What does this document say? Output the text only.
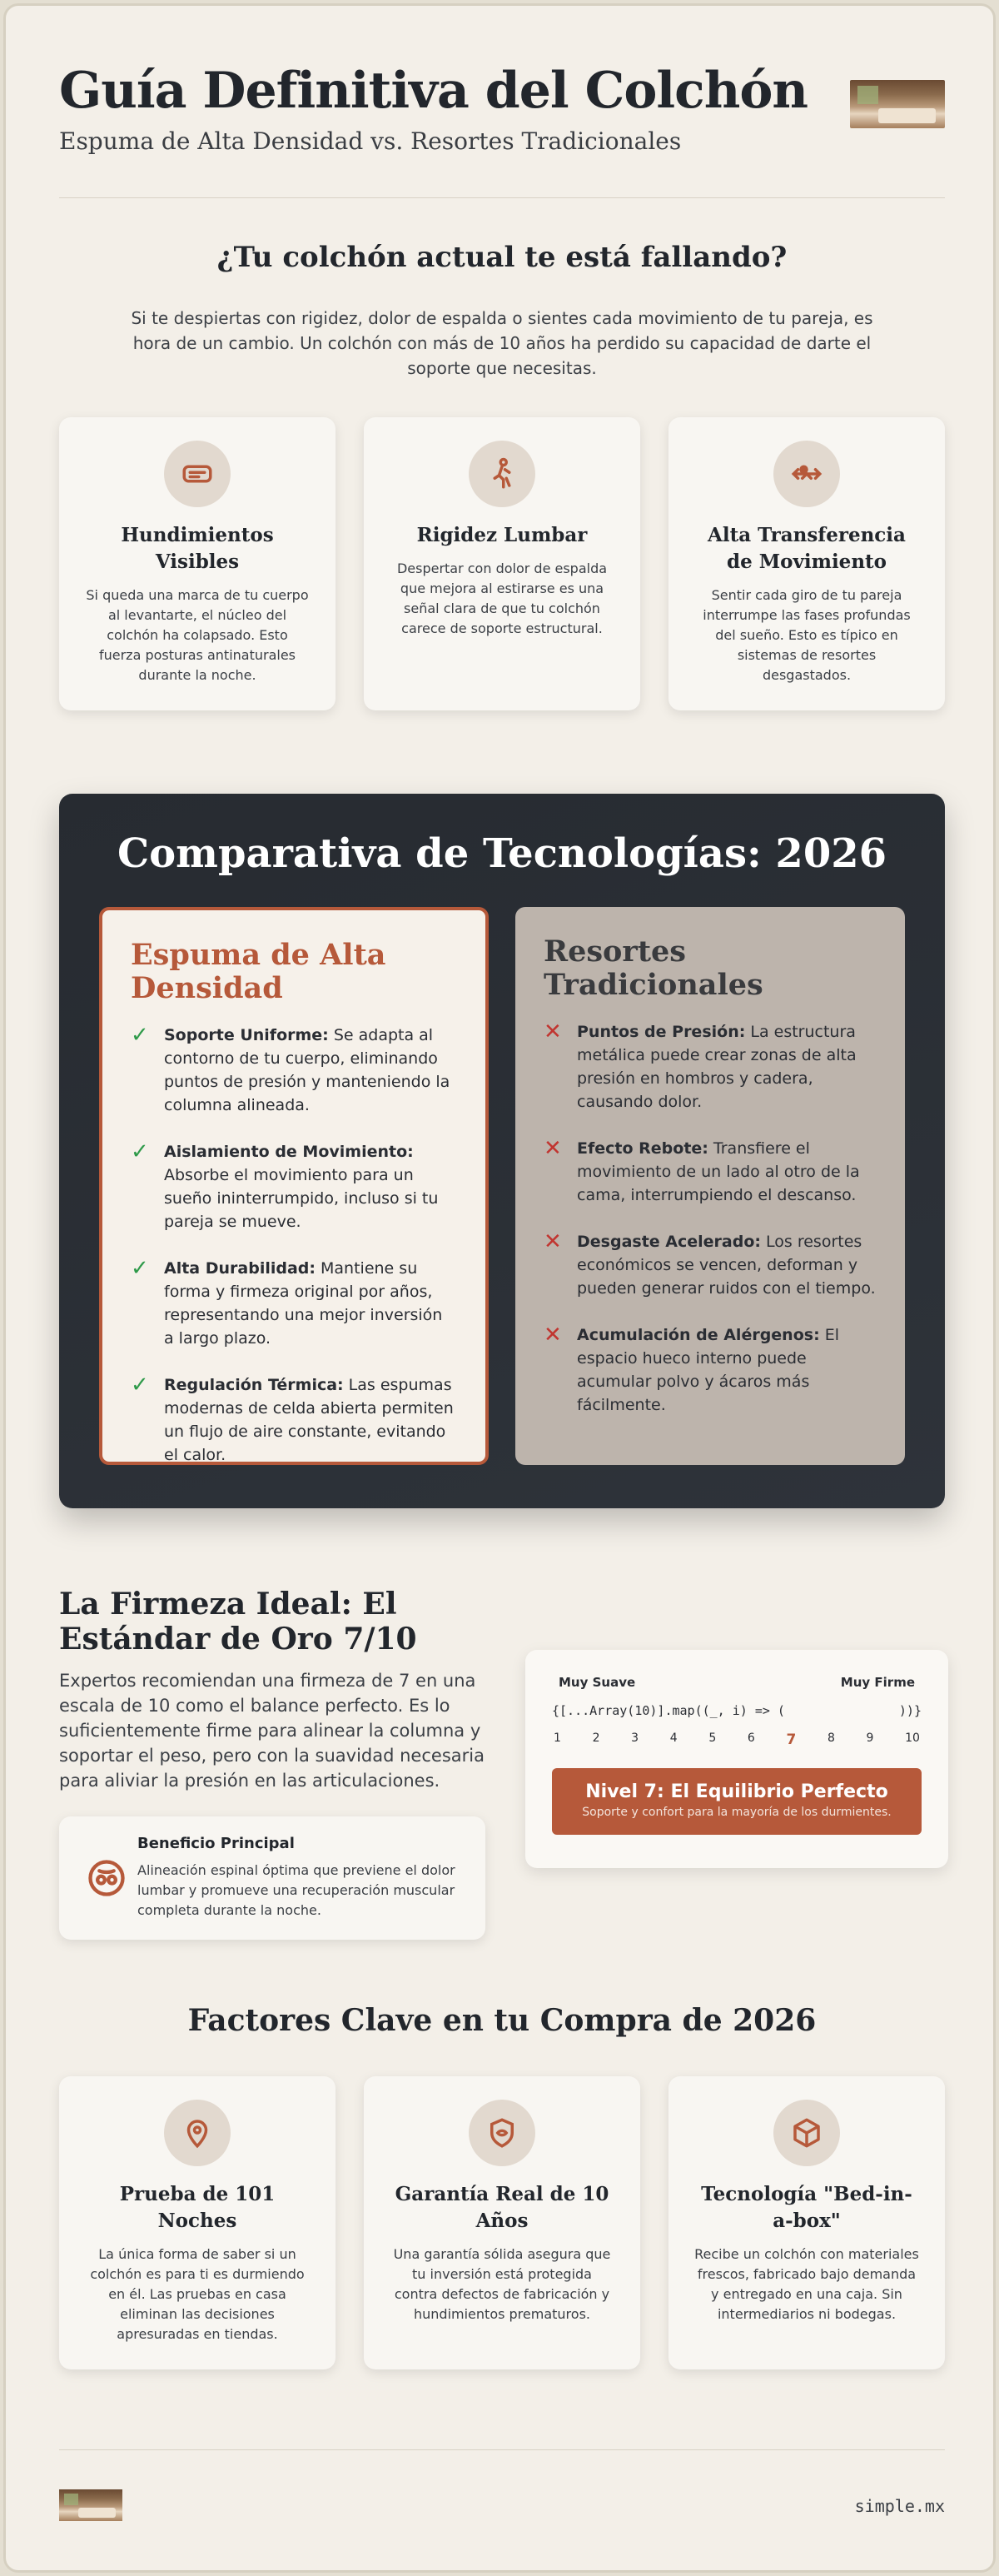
Guía Definitiva del Colchón
Espuma de Alta Densidad vs. Resortes Tradicionales
¿Tu colchón actual te está fallando?

Si te despiertas con rigidez, dolor de espalda o sientes cada movimiento de tu pareja, es hora de un cambio. Un colchón con más de 10 años ha perdido su capacidad de darte el soporte que necesitas.

Hundimientos Visibles

Si queda una marca de tu cuerpo al levantarte, el núcleo del colchón ha colapsado. Esto fuerza posturas antinaturales durante la noche.

Rigidez Lumbar

Despertar con dolor de espalda que mejora al estirarse es una señal clara de que tu colchón carece de soporte estructural.

Alta Transferencia de Movimiento

Sentir cada giro de tu pareja interrumpe las fases profundas del sueño. Esto es típico en sistemas de resortes desgastados.

Comparativa de Tecnologías: 2026
Espuma de Alta Densidad
✓ Soporte Uniforme: Se adapta al contorno de tu cuerpo, eliminando puntos de presión y manteniendo la columna alineada.
✓ Aislamiento de Movimiento: Absorbe el movimiento para un sueño ininterrumpido, incluso si tu pareja se mueve.
✓ Alta Durabilidad: Mantiene su forma y firmeza original por años, representando una mejor inversión a largo plazo.
✓ Regulación Térmica: Las espumas modernas de celda abierta permiten un flujo de aire constante, evitando el calor.
Resortes Tradicionales
✕ Puntos de Presión: La estructura metálica puede crear zonas de alta presión en hombros y cadera, causando dolor.
✕ Efecto Rebote: Transfiere el movimiento de un lado al otro de la cama, interrumpiendo el descanso.
✕ Desgaste Acelerado: Los resortes económicos se vencen, deforman y pueden generar ruidos con el tiempo.
✕ Acumulación de Alérgenos: El espacio hueco interno puede acumular polvo y ácaros más fácilmente.
La Firmeza Ideal: El Estándar de Oro 7/10

Expertos recomiendan una firmeza de 7 en una escala de 10 como el balance perfecto. Es lo suficientemente firme para alinear la columna y soportar el peso, pero con la suavidad necesaria para aliviar la presión en las articulaciones.

Beneficio Principal
Alineación espinal óptima que previene el dolor lumbar y promueve una recuperación muscular completa durante la noche.
Muy Suave	Muy Firme
{[...Array(10)].map((_, i) => (	))}
1	2	3	4	5	6 7	8	9	10
Nivel 7: El Equilibrio Perfecto
Soporte y confort para la mayoría de los durmientes.
Factores Clave en tu Compra de 2026
Prueba de 101 Noches

La única forma de saber si un colchón es para ti es durmiendo en él. Las pruebas en casa eliminan las decisiones apresuradas en tiendas.

Garantía Real de 10 Años

Una garantía sólida asegura que tu inversión está protegida contra defectos de fabricación y hundimientos prematuros.

Tecnología "Bed-in-a-box"

Recibe un colchón con materiales frescos, fabricado bajo demanda y entregado en una caja. Sin intermediarios ni bodegas.

simple.mx
